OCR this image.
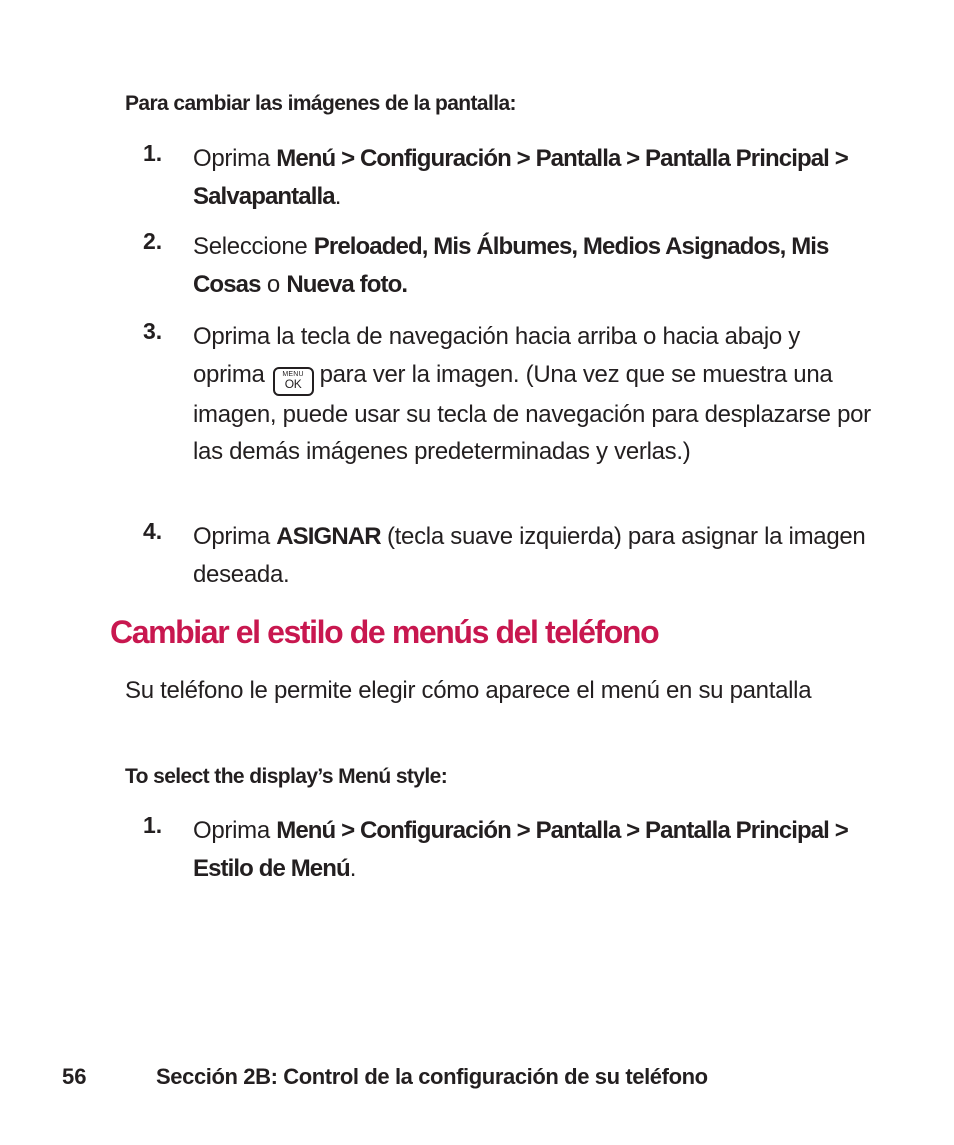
Para cambiar las imágenes de la pantalla:
1. Oprima Menú > Configuración > Pantalla > Pantalla Principal > Salvapantalla.
2. Seleccione Preloaded, Mis Álbumes, Medios Asignados, Mis Cosas o Nueva foto.
3. Oprima la tecla de navegación hacia arriba o hacia abajo y oprima	MENU
OK para ver la imagen. (Una vez que se muestra una imagen, puede usar su tecla de navegación para desplazarse por las demás imágenes predeterminadas y verlas.)
4. Oprima ASIGNAR (tecla suave izquierda) para asignar la imagen deseada.
Cambiar el estilo de menús del teléfono
Su teléfono le permite elegir cómo aparece el menú en su pantalla
To select the display’s Menú style:
1. Oprima Menú > Configuración > Pantalla > Pantalla Principal > Estilo de Menú.
56	Sección 2B: Control de la configuración de su teléfono
